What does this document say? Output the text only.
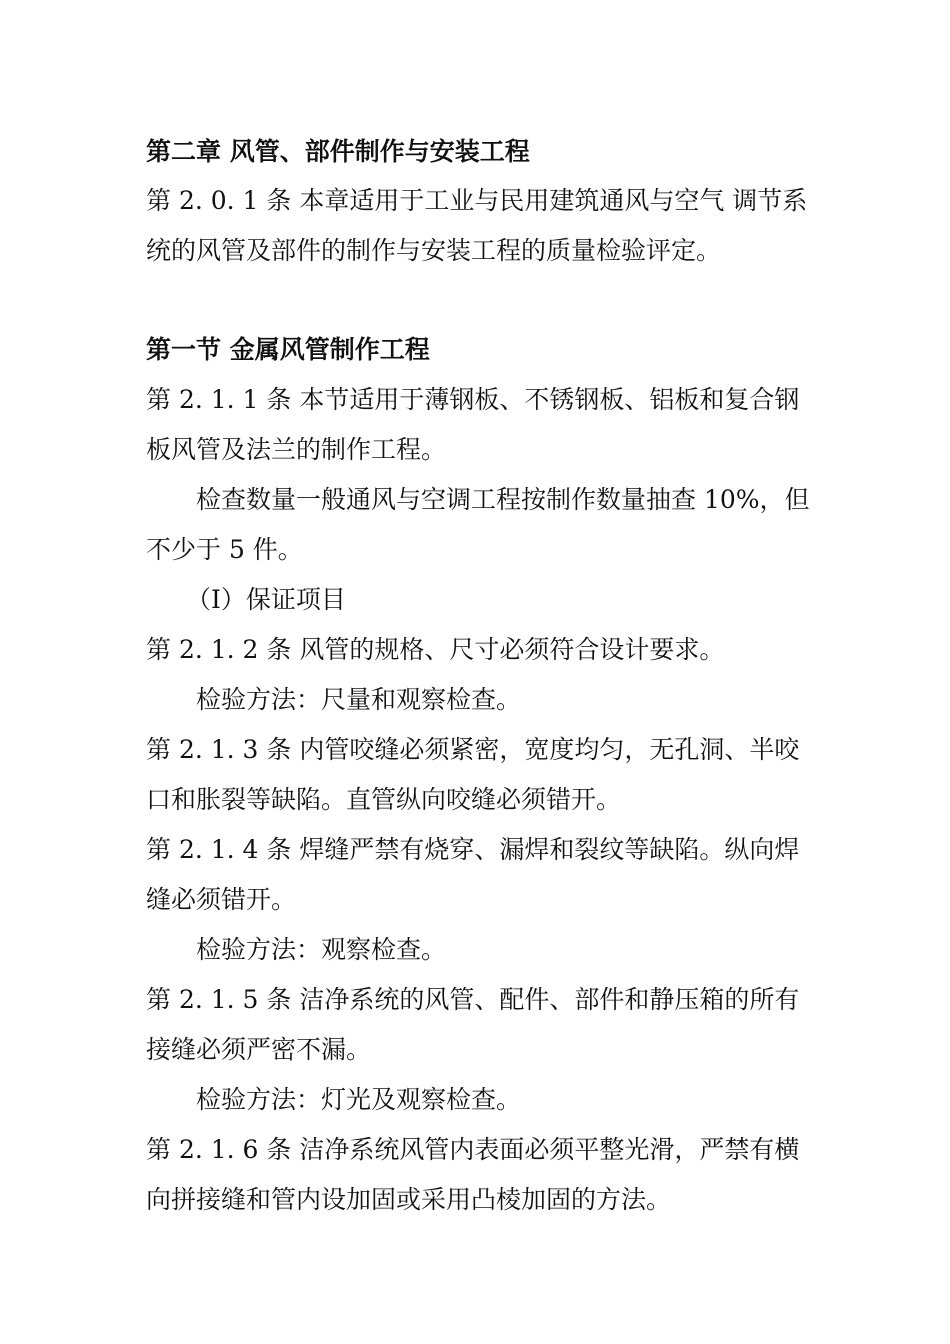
第二章 风管、部件制作与安装工程
第 2. 0. 1 条 本章适用于工业与民用建筑通风与空气 调节系
统的风管及部件的制作与安装工程的质量检验评定。
第一节 金属风管制作工程
第 2. 1. 1 条 本节适用于薄钢板、不锈钢板、铝板和复合钢
板风管及法兰的制作工程。
检查数量一般通风与空调工程按制作数量抽查 10%，但
不少于 5 件。
（I）保证项目
第 2. 1. 2 条 风管的规格、尺寸必须符合设计要求。
检验方法：尺量和观察检查。
第 2. 1. 3 条 内管咬缝必须紧密，宽度均匀，无孔洞、半咬
口和胀裂等缺陷。直管纵向咬缝必须错开。
第 2. 1. 4 条 焊缝严禁有烧穿、漏焊和裂纹等缺陷。纵向焊
缝必须错开。
检验方法：观察检查。
第 2. 1. 5 条 洁净系统的风管、配件、部件和静压箱的所有
接缝必须严密不漏。
检验方法：灯光及观察检查。
第 2. 1. 6 条 洁净系统风管内表面必须平整光滑，严禁有横
向拼接缝和管内设加固或采用凸棱加固的方法。
